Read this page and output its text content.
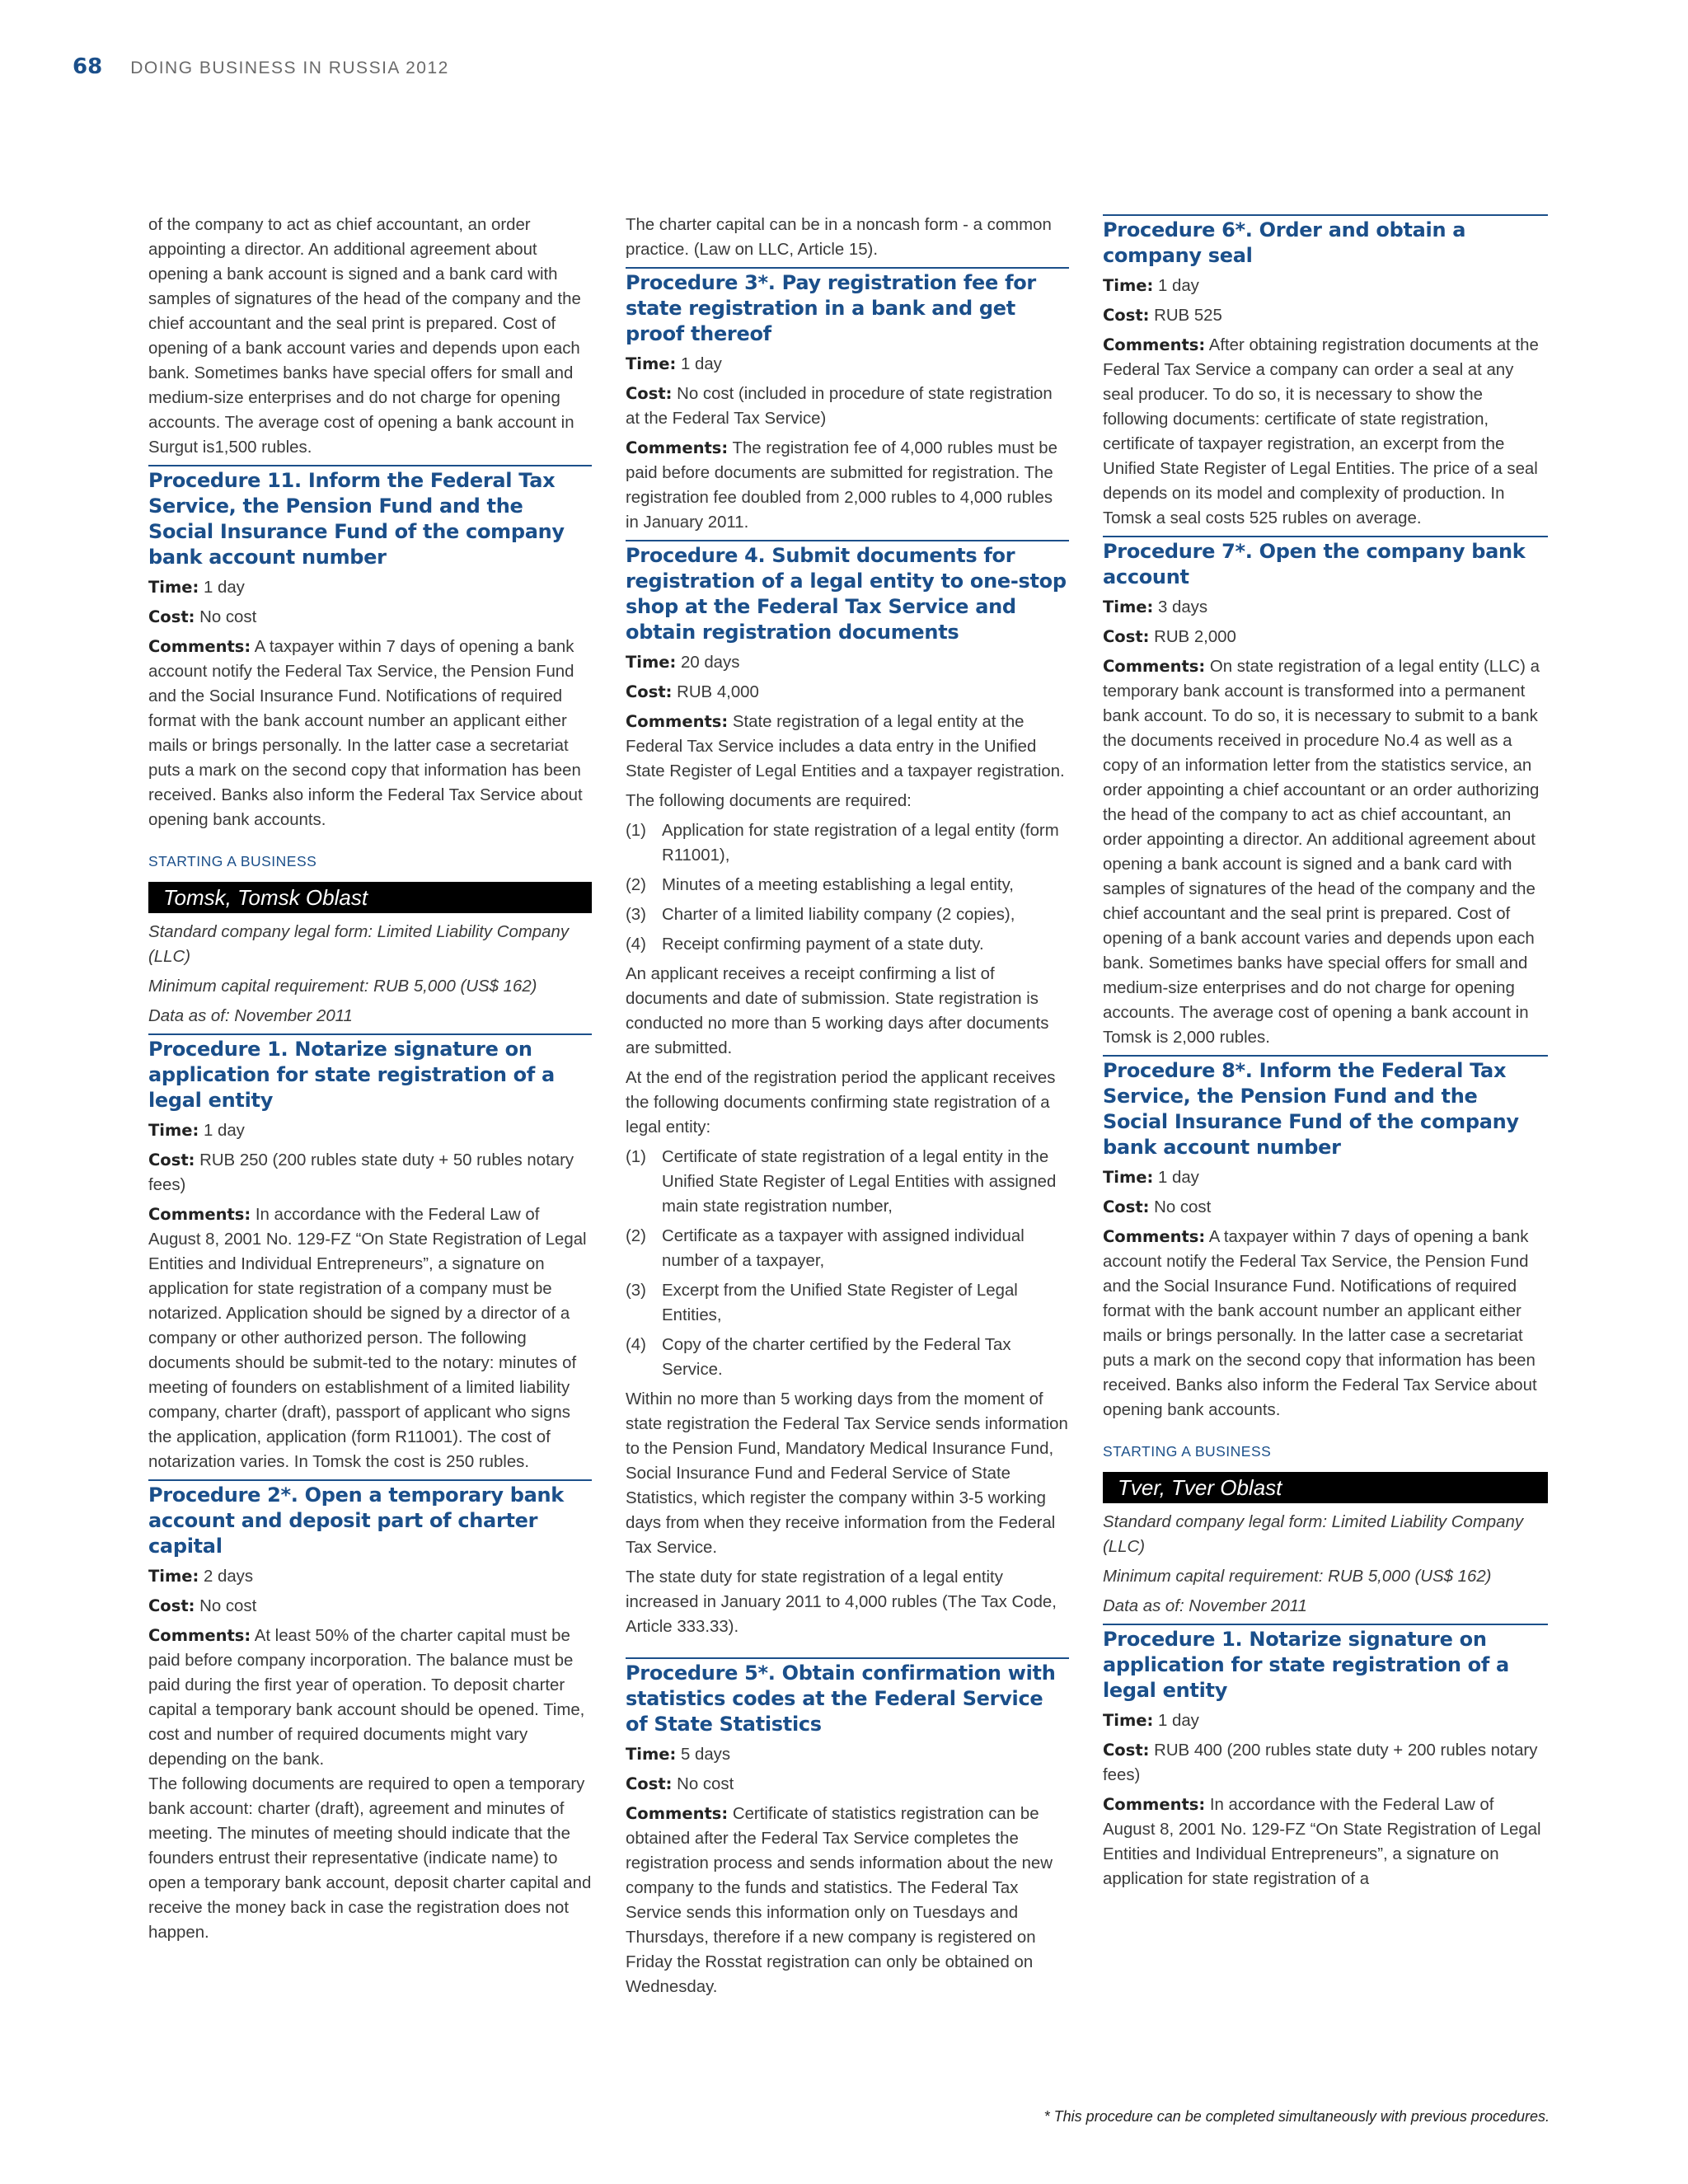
68 DOING BUSINESS IN RUSSIA 2012

of the company to act as chief accountant, an order appointing a director. An additional agreement about opening a bank account is signed and a bank card with samples of signatures of the head of the company and the chief accountant and the seal print is prepared. Cost of opening of a bank account varies and depends upon each bank. Sometimes banks have special offers for small and medium-size enterprises and do not charge for opening accounts. The average cost of opening a bank account in Surgut is1,500 rubles.

Procedure 11. Inform the Federal Tax Service, the Pension Fund and the Social Insurance Fund of the company bank account number

Time: 1 day

Cost: No cost

Comments: A taxpayer within 7 days of opening a bank account notify the Federal Tax Service, the Pension Fund and the Social Insurance Fund. Notifications of required format with the bank account number an applicant either mails or brings personally. In the latter case a secretariat puts a mark on the second copy that information has been received. Banks also inform the Federal Tax Service about opening bank accounts.

STARTING A BUSINESS
Tomsk, Tomsk Oblast

Standard company legal form: Limited Liability Company (LLC)

Minimum capital requirement: RUB 5,000 (US$ 162)

Data as of: November 2011

Procedure 1. Notarize signature on application for state registration of a legal entity

Time: 1 day

Cost: RUB 250 (200 rubles state duty + 50 rubles notary fees)

Comments: In accordance with the Federal Law of August 8, 2001 No. 129-FZ “On State Registration of Legal Entities and Individual Entrepreneurs”, a signature on application for state registration of a company must be notarized. Application should be signed by a director of a company or other authorized person. The following documents should be submit-ted to the notary: minutes of meeting of founders on establishment of a limited liability company, charter (draft), passport of applicant who signs the application, application (form R11001). The cost of notarization varies. In Tomsk the cost is 250 rubles.

Procedure 2*. Open a temporary bank account and deposit part of charter capital

Time: 2 days

Cost: No cost

Comments: At least 50% of the charter capital must be paid before company incorporation. The balance must be paid during the first year of operation. To deposit charter capital a temporary bank account should be opened. Time, cost and number of required documents might vary depending on the bank.

The following documents are required to open a temporary bank account: charter (draft), agreement and minutes of meeting. The minutes of meeting should indicate that the founders entrust their representative (indicate name) to open a temporary bank account, deposit charter capital and receive the money back in case the registration does not happen.

The charter capital can be in a noncash form - a common practice. (Law on LLC, Article 15).

Procedure 3*. Pay registration fee for state registration in a bank and get proof thereof

Time: 1 day

Cost: No cost (included in procedure of state registration at the Federal Tax Service)

Comments: The registration fee of 4,000 rubles must be paid before documents are submitted for registration. The registration fee doubled from 2,000 rubles to 4,000 rubles in January 2011.

Procedure 4. Submit documents for registration of a legal entity to one-stop shop at the Federal Tax Service and obtain registration documents

Time: 20 days

Cost: RUB 4,000

Comments: State registration of a legal entity at the Federal Tax Service includes a data entry in the Unified State Register of Legal Entities and a taxpayer registration.

The following documents are required:

(1) Application for state registration of a legal entity (form R11001),
(2) Minutes of a meeting establishing a legal entity,
(3) Charter of a limited liability company (2 copies),
(4) Receipt confirming payment of a state duty.

An applicant receives a receipt confirming a list of documents and date of submission. State registration is conducted no more than 5 working days after documents are submitted.

At the end of the registration period the applicant receives the following documents confirming state registration of a legal entity:

(1) Certificate of state registration of a legal entity in the Unified State Register of Legal Entities with assigned main state registration number,
(2) Certificate as a taxpayer with assigned individual number of a taxpayer,
(3) Excerpt from the Unified State Register of Legal Entities,
(4) Copy of the charter certified by the Federal Tax Service.

Within no more than 5 working days from the moment of state registration the Federal Tax Service sends information to the Pension Fund, Mandatory Medical Insurance Fund, Social Insurance Fund and Federal Service of State Statistics, which register the company within 3-5 working days from when they receive information from the Federal Tax Service.

The state duty for state registration of a legal entity increased in January 2011 to 4,000 rubles (The Tax Code, Article 333.33).

Procedure 5*. Obtain confirmation with statistics codes at the Federal Service of State Statistics

Time: 5 days

Cost: No cost

Comments: Certificate of statistics registration can be obtained after the Federal Tax Service completes the registration process and sends information about the new company to the funds and statistics. The Federal Tax Service sends this information only on Tuesdays and Thursdays, therefore if a new company is registered on Friday the Rosstat registration can only be obtained on Wednesday.

Procedure 6*. Order and obtain a company seal

Time: 1 day

Cost: RUB 525

Comments: After obtaining registration documents at the Federal Tax Service a company can order a seal at any seal producer. To do so, it is necessary to show the following documents: certificate of state registration, certificate of taxpayer registration, an excerpt from the Unified State Register of Legal Entities. The price of a seal depends on its model and complexity of production. In Tomsk a seal costs 525 rubles on average.

Procedure 7*. Open the company bank account

Time: 3 days

Cost: RUB 2,000

Comments: On state registration of a legal entity (LLC) a temporary bank account is transformed into a permanent bank account. To do so, it is necessary to submit to a bank the documents received in procedure No.4 as well as a copy of an information letter from the statistics service, an order appointing a chief accountant or an order authorizing the head of the company to act as chief accountant, an order appointing a director. An additional agreement about opening a bank account is signed and a bank card with samples of signatures of the head of the company and the chief accountant and the seal print is prepared. Cost of opening of a bank account varies and depends upon each bank. Sometimes banks have special offers for small and medium-size enterprises and do not charge for opening accounts. The average cost of opening a bank account in Tomsk is 2,000 rubles.

Procedure 8*. Inform the Federal Tax Service, the Pension Fund and the Social Insurance Fund of the company bank account number

Time: 1 day

Cost: No cost

Comments: A taxpayer within 7 days of opening a bank account notify the Federal Tax Service, the Pension Fund and the Social Insurance Fund. Notifications of required format with the bank account number an applicant either mails or brings personally. In the latter case a secretariat puts a mark on the second copy that information has been received. Banks also inform the Federal Tax Service about opening bank accounts.

STARTING A BUSINESS
Tver, Tver Oblast

Standard company legal form: Limited Liability Company (LLC)

Minimum capital requirement: RUB 5,000 (US$ 162)

Data as of: November 2011

Procedure 1. Notarize signature on application for state registration of a legal entity

Time: 1 day

Cost: RUB 400 (200 rubles state duty + 200 rubles notary fees)

Comments: In accordance with the Federal Law of August 8, 2001 No. 129-FZ “On State Registration of Legal Entities and Individual Entrepreneurs”, a signature on application for state registration of a

* This procedure can be completed simultaneously with previous procedures.
